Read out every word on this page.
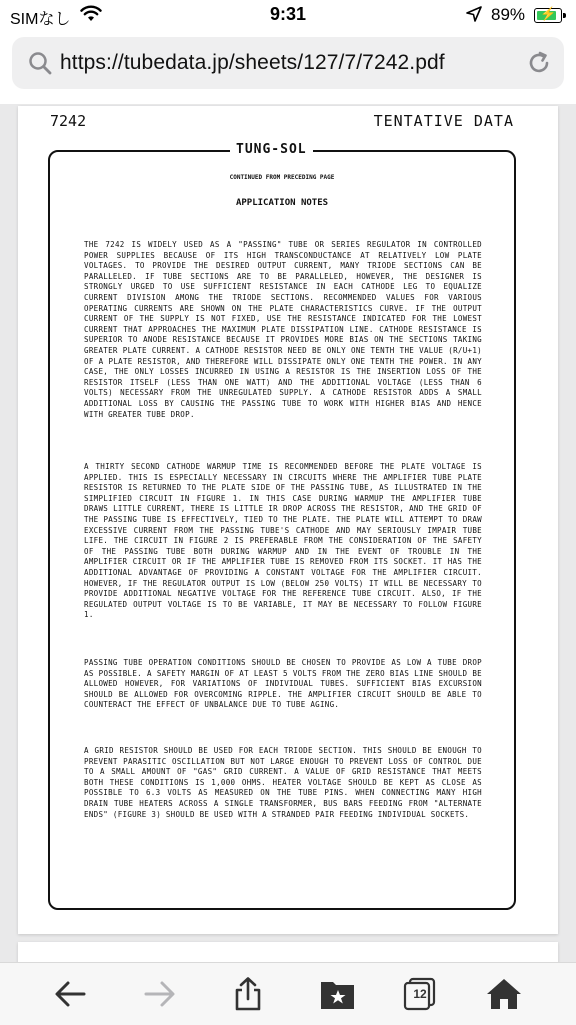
SIMなし	9:31	89% ⚡
https://tubedata.jp/sheets/127/7/7242.pdf
7242	TENTATIVE DATA
TUNG-SOL
CONTINUED FROM PRECEDING PAGE
APPLICATION NOTES
THE 7242 IS WIDELY USED AS A "PASSING" TUBE OR SERIES REGULATOR IN CONTROLLED POWER SUPPLIES BECAUSE OF ITS HIGH TRANSCONDUCTANCE AT RELATIVELY LOW PLATE VOLTAGES. TO PROVIDE THE DESIRED OUTPUT CURRENT, MANY TRIODE SECTIONS CAN BE PARALLELED. IF TUBE SECTIONS ARE TO BE PARALLELED, HOWEVER, THE DESIGNER IS STRONGLY URGED TO USE SUFFICIENT RESISTANCE IN EACH CATHODE LEG TO EQUALIZE CURRENT DIVISION AMONG THE TRIODE SECTIONS. RECOMMENDED VALUES FOR VARIOUS OPERATING CURRENTS ARE SHOWN ON THE PLATE CHARACTERISTICS CURVE. IF THE OUTPUT CURRENT OF THE SUPPLY IS NOT FIXED, USE THE RESISTANCE INDICATED FOR THE LOWEST CURRENT THAT APPROACHES THE MAXIMUM PLATE DISSIPATION LINE. CATHODE RESISTANCE IS SUPERIOR TO ANODE RESISTANCE BECAUSE IT PROVIDES MORE BIAS ON THE SECTIONS TAKING GREATER PLATE CURRENT. A CATHODE RESISTOR NEED BE ONLY ONE TENTH THE VALUE (R/U+1) OF A PLATE RESISTOR, AND THEREFORE WILL DISSIPATE ONLY ONE TENTH THE POWER. IN ANY CASE, THE ONLY LOSSES INCURRED IN USING A RESISTOR IS THE INSERTION LOSS OF THE RESISTOR ITSELF (LESS THAN ONE WATT) AND THE ADDITIONAL VOLTAGE (LESS THAN 6 VOLTS) NECESSARY FROM THE UNREGULATED SUPPLY. A CATHODE RESISTOR ADDS A SMALL ADDITIONAL LOSS BY CAUSING THE PASSING TUBE TO WORK WITH HIGHER BIAS AND HENCE WITH GREATER TUBE DROP.
A THIRTY SECOND CATHODE WARMUP TIME IS RECOMMENDED BEFORE THE PLATE VOLTAGE IS APPLIED. THIS IS ESPECIALLY NECESSARY IN CIRCUITS WHERE THE AMPLIFIER TUBE PLATE RESISTOR IS RETURNED TO THE PLATE SIDE OF THE PASSING TUBE, AS ILLUSTRATED IN THE SIMPLIFIED CIRCUIT IN FIGURE 1. IN THIS CASE DURING WARMUP THE AMPLIFIER TUBE DRAWS LITTLE CURRENT, THERE IS LITTLE IR DROP ACROSS THE RESISTOR, AND THE GRID OF THE PASSING TUBE IS EFFECTIVELY, TIED TO THE PLATE. THE PLATE WILL ATTEMPT TO DRAW EXCESSIVE CURRENT FROM THE PASSING TUBE'S CATHODE AND MAY SERIOUSLY IMPAIR TUBE LIFE. THE CIRCUIT IN FIGURE 2 IS PREFERABLE FROM THE CONSIDERATION OF THE SAFETY OF THE PASSING TUBE BOTH DURING WARMUP AND IN THE EVENT OF TROUBLE IN THE AMPLIFIER CIRCUIT OR IF THE AMPLIFIER TUBE IS REMOVED FROM ITS SOCKET. IT HAS THE ADDITIONAL ADVANTAGE OF PROVIDING A CONSTANT VOLTAGE FOR THE AMPLIFIER CIRCUIT. HOWEVER, IF THE REGULATOR OUTPUT IS LOW (BELOW 250 VOLTS) IT WILL BE NECESSARY TO PROVIDE ADDITIONAL NEGATIVE VOLTAGE FOR THE REFERENCE TUBE CIRCUIT. ALSO, IF THE REGULATED OUTPUT VOLTAGE IS TO BE VARIABLE, IT MAY BE NECESSARY TO FOLLOW FIGURE 1.
PASSING TUBE OPERATION CONDITIONS SHOULD BE CHOSEN TO PROVIDE AS LOW A TUBE DROP AS POSSIBLE. A SAFETY MARGIN OF AT LEAST 5 VOLTS FROM THE ZERO BIAS LINE SHOULD BE ALLOWED HOWEVER, FOR VARIATIONS OF INDIVIDUAL TUBES. SUFFICIENT BIAS EXCURSION SHOULD BE ALLOWED FOR OVERCOMING RIPPLE. THE AMPLIFIER CIRCUIT SHOULD BE ABLE TO COUNTERACT THE EFFECT OF UNBALANCE DUE TO TUBE AGING.
A GRID RESISTOR SHOULD BE USED FOR EACH TRIODE SECTION. THIS SHOULD BE ENOUGH TO PREVENT PARASITIC OSCILLATION BUT NOT LARGE ENOUGH TO PREVENT LOSS OF CONTROL DUE TO A SMALL AMOUNT OF "GAS" GRID CURRENT. A VALUE OF GRID RESISTANCE THAT MEETS BOTH THESE CONDITIONS IS 1,000 OHMS. HEATER VOLTAGE SHOULD BE KEPT AS CLOSE AS POSSIBLE TO 6.3 VOLTS AS MEASURED ON THE TUBE PINS. WHEN CONNECTING MANY HIGH DRAIN TUBE HEATERS ACROSS A SINGLE TRANSFORMER, BUS BARS FEEDING FROM "ALTERNATE ENDS" (FIGURE 3) SHOULD BE USED WITH A STRANDED PAIR FEEDING INDIVIDUAL SOCKETS.
12
